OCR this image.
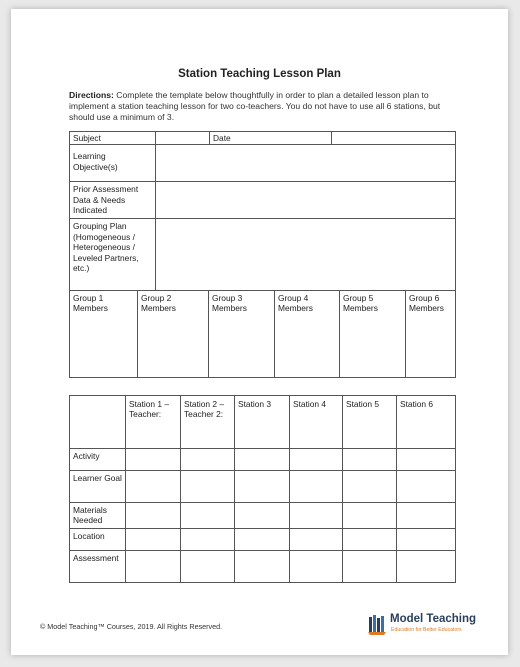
Station Teaching Lesson Plan
Directions: Complete the template below thoughtfully in order to plan a detailed lesson plan to implement a station teaching lesson for two co-teachers. You do not have to use all 6 stations, but should use a minimum of 3.
Subject		Date	
Learning Objective(s)			
Prior Assessment Data & Needs Indicated			
Grouping Plan (Homogeneous / Heterogeneous / Leveled Partners, etc.)			
Group 1 Members	Group 2 Members	Group 3 Members	Group 4 Members	Group 5 Members	Group 6 Members
	Station 1 – Teacher:	Station 2 – Teacher 2:	Station 3	Station 4	Station 5	Station 6
Activity						
Learner Goal						
Materials Needed						
Location						
Assessment						
© Model Teaching™ Courses, 2019. All Rights Reserved.
Model Teaching
Education for Better Educators
